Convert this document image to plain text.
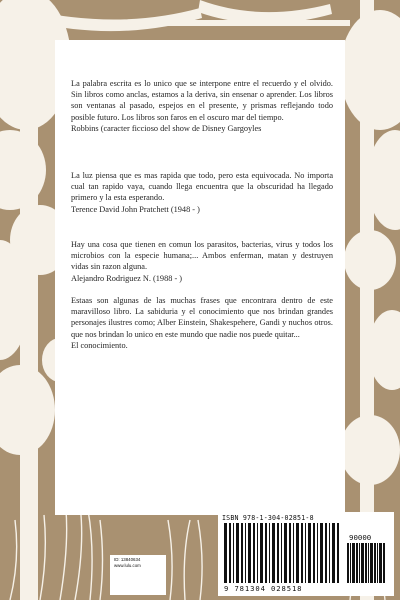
La palabra escrita es lo unico que se interpone entre el recuerdo y el olvido. Sin libros como anclas, estamos a la deriva, sin ensenar o aprender. Los libros son ventanas al pasado, espejos en el presente, y prismas reflejando todo posible futuro. Los libros son faros en el oscuro mar del tiempo.
Robbins (caracter ficcioso del show de Disney Gargoyles
La luz piensa que es mas rapida que todo, pero esta equivocada. No importa cual tan rapido vaya, cuando llega encuentra que la obscuridad ha llegado primero y la esta esperando.
Terence David John Pratchett (1948 - )
Hay una cosa que tienen en comun los parasitos, bacterias, virus y todos los microbios con la especie humana;... Ambos enferman, matan y destruyen vidas sin razon alguna.
Alejandro Rodriguez N. (1988 - )
Estaas son algunas de las muchas frases que encontrara dentro de este maravilloso libro. La sabiduria y el conocimiento que nos brindan grandes personajes ilustres como; Alber Einstein, Shakespehere, Gandi y nuchos otros. que nos brindan lo unico en este mundo que nadie nos puede quitar...
El conocimiento.
ID: 13840634
www.lulu.com
ISBN 978-1-304-02851-8
90000
9 781304 028518
